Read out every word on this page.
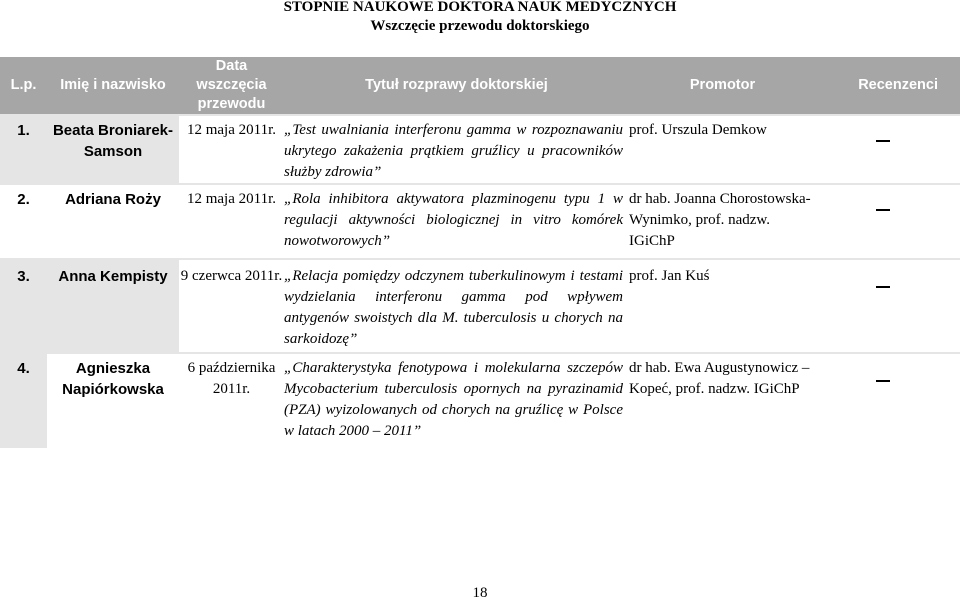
STOPNIE NAUKOWE DOKTORA NAUK MEDYCZNYCH
Wszczęcie przewodu doktorskiego
L.p.	Imię i nazwisko	Data wszczęcia przewodu	Tytuł rozprawy doktorskiej	Promotor	Recenzenci

1.	Beata Broniarek-Samson	12 maja 2011r.	„Test uwalniania interferonu gamma w rozpoznawaniu ukrytego zakażenia prątkiem gruźlicy u pracowników służby zdrowia”	prof. Urszula Demkow	

2.	Adriana Roży	12 maja 2011r.	„Rola inhibitora aktywatora plazminogenu typu 1 w regulacji aktywności biologicznej in vitro komórek nowotworowych”	dr hab. Joanna Chorostowska-Wynimko, prof. nadzw. IGiChP	

3.	Anna Kempisty	9 czerwca 2011r.	„Relacja pomiędzy odczynem tuberkulinowym i testami wydzielania interferonu gamma pod wpływem antygenów swoistych dla M. tuberculosis u chorych na sarkoidozę”	prof. Jan Kuś	

4.	Agnieszka Napiórkowska	6 października 2011r.	„Charakterystyka fenotypowa i molekularna szczepów Mycobacterium tuberculosis opornych na pyrazinamid (PZA) wyizolowanych od chorych na gruźlicę w Polsce w latach 2000 – 2011”	dr hab. Ewa Augustynowicz – Kopeć, prof. nadzw. IGiChP	
18
